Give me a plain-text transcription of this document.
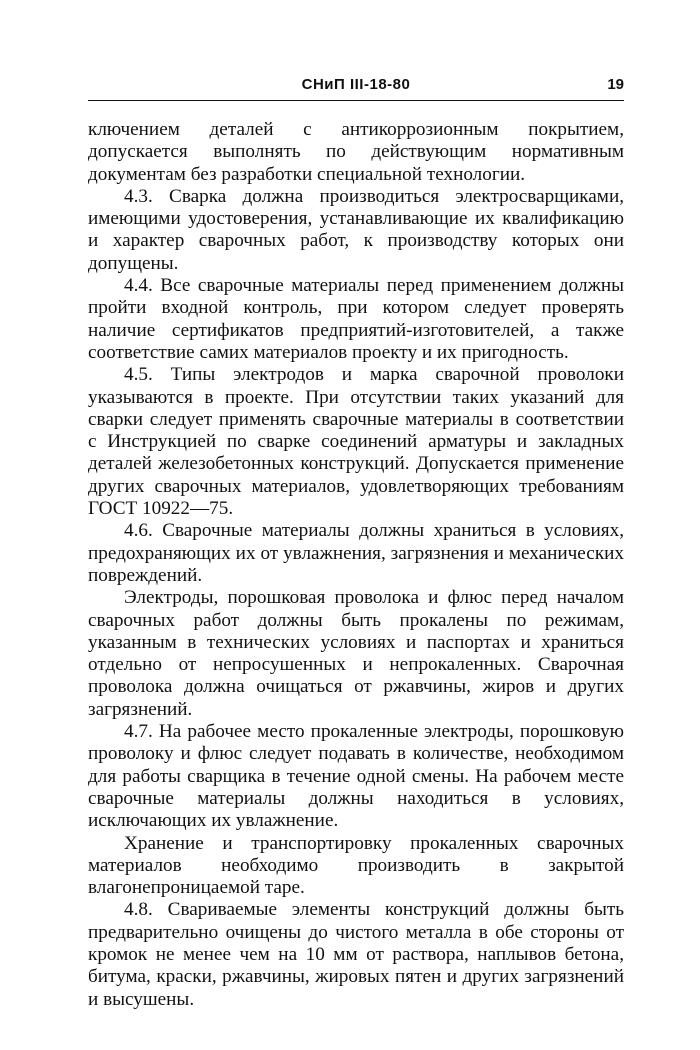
СНиП III-18-80	19

ключением деталей с антикоррозионным покрытием, допускается выполнять по действующим нормативным документам без разработки специальной технологии.

4.3. Сварка должна производиться электросварщиками, имеющими удостоверения, устанавливающие их квалификацию и характер сварочных работ, к производству которых они допущены.

4.4. Все сварочные материалы перед применением должны пройти входной контроль, при котором следует проверять наличие сертификатов предприятий-изготовителей, а также соответствие самих материалов проекту и их пригодность.

4.5. Типы электродов и марка сварочной проволоки указываются в проекте. При отсутствии таких указаний для сварки следует применять сварочные материалы в соответствии с Инструкцией по сварке соединений арматуры и закладных деталей железобетонных конструкций. Допускается применение других сварочных материалов, удовлетворяющих требованиям ГОСТ 10922—75.

4.6. Сварочные материалы должны храниться в условиях, предохраняющих их от увлажнения, загрязнения и механических повреждений.

Электроды, порошковая проволока и флюс перед началом сварочных работ должны быть прокалены по режимам, указанным в технических условиях и паспортах и храниться отдельно от непросушенных и непрокаленных. Сварочная проволока должна очищаться от ржавчины, жиров и других загрязнений.

4.7. На рабочее место прокаленные электроды, порошковую проволоку и флюс следует подавать в количестве, необходимом для работы сварщика в течение одной смены. На рабочем месте сварочные материалы должны находиться в условиях, исключающих их увлажнение.

Хранение и транспортировку прокаленных сварочных материалов необходимо производить в закрытой влагонепроницаемой таре.

4.8. Свариваемые элементы конструкций должны быть предварительно очищены до чистого металла в обе стороны от кромок не менее чем на 10 мм от раствора, наплывов бетона, битума, краски, ржавчины, жировых пятен и других загрязнений и высушены.
